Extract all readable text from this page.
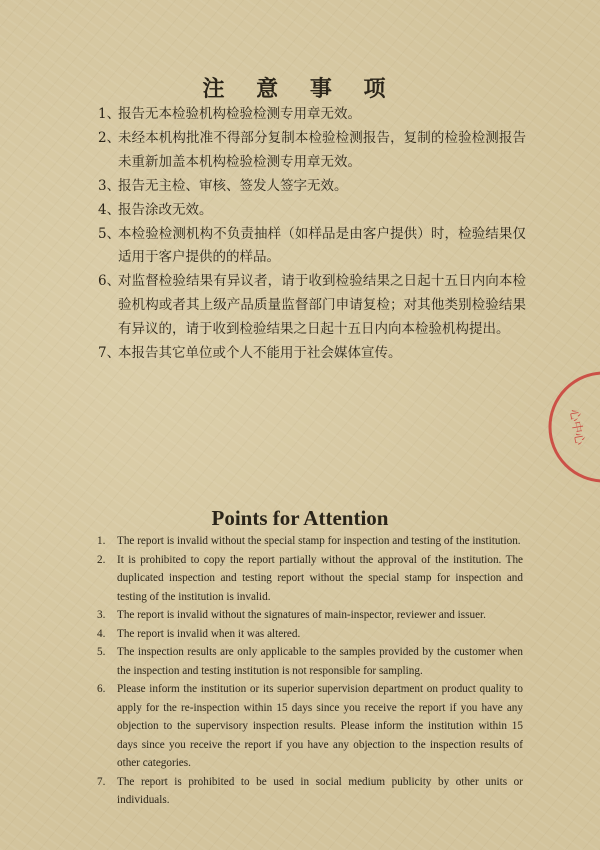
注 意 事 项
1、
报告无本检验机构检验检测专用章无效。
2、
未经本机构批准不得部分复制本检验检测报告，复制的检验检测报告未重新加盖本机构检验检测专用章无效。
3、
报告无主检、审核、签发人签字无效。
4、
报告涂改无效。
5、
本检验检测机构不负责抽样（如样品是由客户提供）时，检验结果仅适用于客户提供的的样品。
6、
对监督检验结果有异议者，请于收到检验结果之日起十五日内向本检验机构或者其上级产品质量监督部门申请复检；对其他类别检验结果有异议的，请于收到检验结果之日起十五日内向本检验机构提出。
7、
本报告其它单位或个人不能用于社会媒体宣传。
心中心
Points for Attention
1.	The report is invalid without the special stamp for inspection and testing of the institution.
2.	It is prohibited to copy the report partially without the approval of the institution. The duplicated inspection and testing report without the special stamp for inspection and testing of the institution is invalid.
3.	The report is invalid without the signatures of main-inspector, reviewer and issuer.
4.	The report is invalid when it was altered.
5.	The inspection results are only applicable to the samples provided by the customer when the inspection and testing institution is not responsible for sampling.
6.	Please inform the institution or its superior supervision department on product quality to apply for the re-inspection within 15 days since you receive the report if you have any objection to the supervisory inspection results. Please inform the institution within 15 days since you receive the report if you have any objection to the inspection results of other categories.
7.	The report is prohibited to be used in social medium publicity by other units or individuals.
